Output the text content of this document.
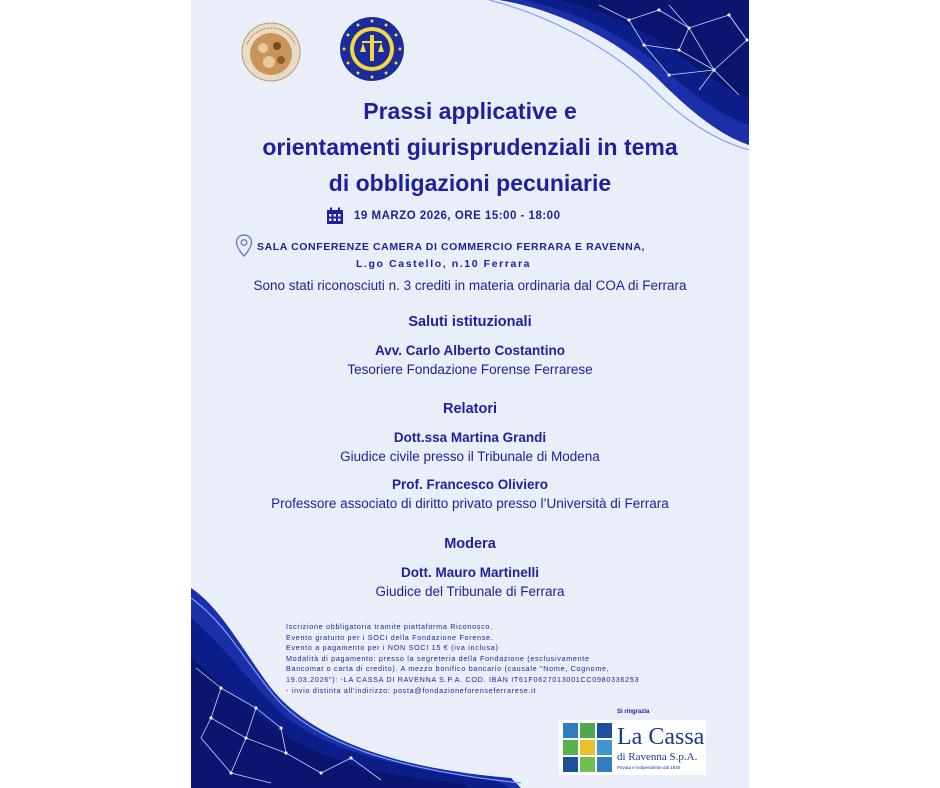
Prassi applicative e
orientamenti giurisprudenziali in tema
di obbligazioni pecuniarie
19 MARZO 2026, ORE 15:00 - 18:00
SALA CONFERENZE CAMERA DI COMMERCIO FERRARA E RAVENNA,
L.go Castello, n.10 Ferrara
Sono stati riconosciuti n. 3 crediti in materia ordinaria dal COA di Ferrara
Saluti istituzionali
Avv. Carlo Alberto Costantino
Tesoriere Fondazione Forense Ferrarese
Relatori
Dott.ssa Martina Grandi
Giudice civile presso il Tribunale di Modena
Prof. Francesco Oliviero
Professore associato di diritto privato presso l’Università di Ferrara
Modera
Dott. Mauro Martinelli
Giudice del Tribunale di Ferrara
Iscrizione obbligatoria tramite piattaforma Riconosco.
Evento gratuito per i SOCI della Fondazione Forense.
Evento a pagamento per i NON SOCI 15 € (iva inclusa)
Modalità di pagamento: presso la segreteria della Fondazione (esclusivamente
Bancomat o carta di credito). A mezzo bonifico bancario (causale "Nome, Cognome,
19.03.2026"): -LA CASSA DI RAVENNA S.P.A. COD. IBAN IT61F0627013001CC0980336253
- invio distinta all'indirizzo: posta@fondazioneforenseferrarese.it
Si ringrazia
La Cassa
di Ravenna S.p.A.
Privata e indipendente dal 1840
